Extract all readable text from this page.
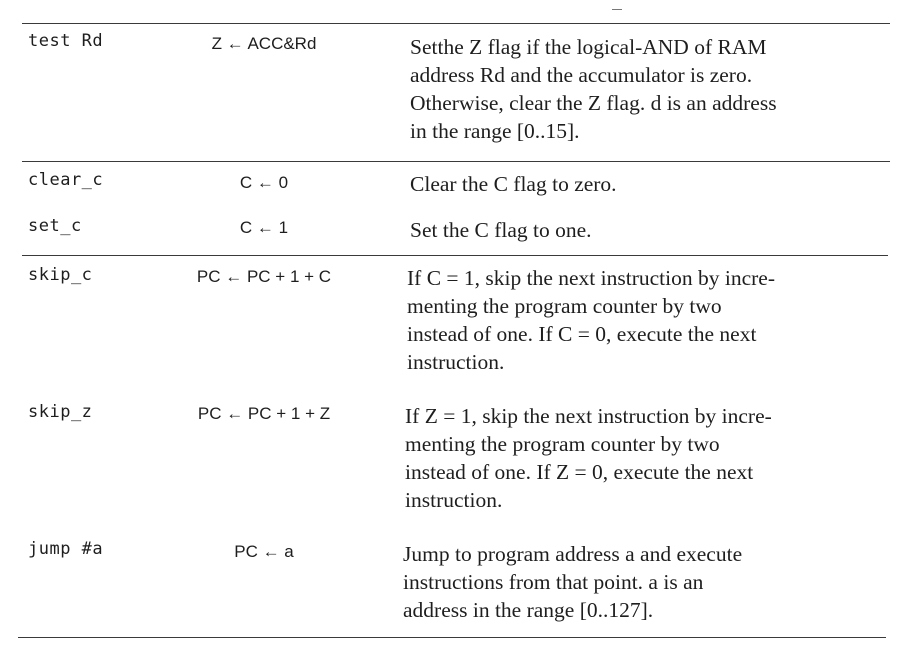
test Rd	Z ← ACC&Rd	Setthe Z flag if the logical-AND of RAM
address Rd and the accumulator is zero.
Otherwise, clear the Z flag. d is an address
in the range [0..15].
clear_c	C ← 0	Clear the C flag to zero.
set_c	C ← 1	Set the C flag to one.
skip_c	PC ← PC + 1 + C	If C = 1, skip the next instruction by incre-
menting the program counter by two
instead of one. If C = 0, execute the next
instruction.
skip_z	PC ← PC + 1 + Z	If Z = 1, skip the next instruction by incre-
menting the program counter by two
instead of one. If Z = 0, execute the next
instruction.
jump #a	PC ← a	Jump to program address a and execute
instructions from that point. a is an
address in the range [0..127].
